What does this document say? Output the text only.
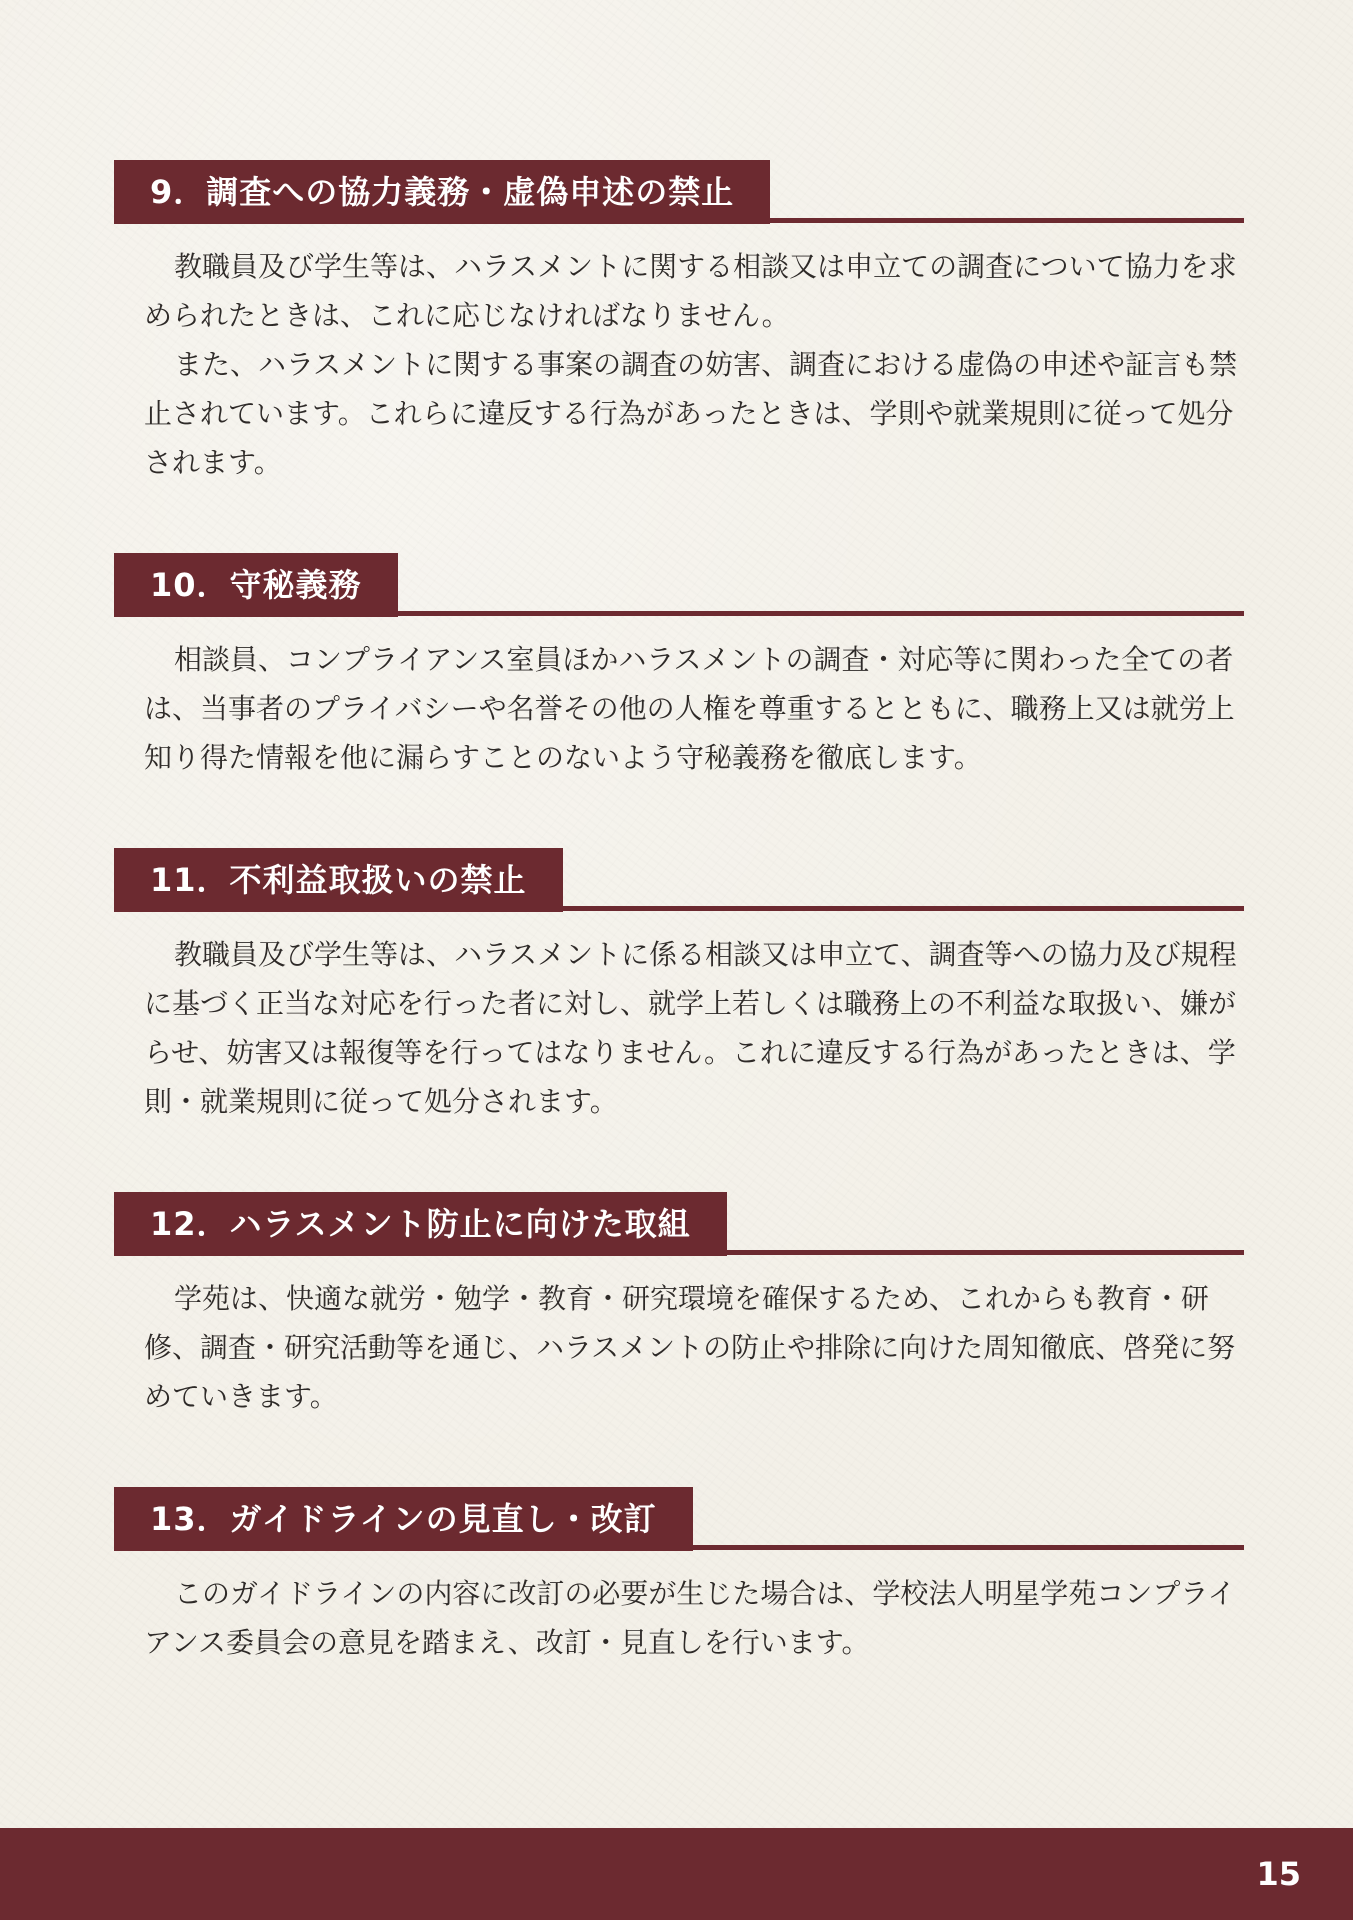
9．調査への協力義務・虚偽申述の禁止

教職員及び学生等は、ハラスメントに関する相談又は申立ての調査について協力を求められたときは、これに応じなければなりません。

また、ハラスメントに関する事案の調査の妨害、調査における虚偽の申述や証言も禁止されています。これらに違反する行為があったときは、学則や就業規則に従って処分されます。

10．守秘義務

相談員、コンプライアンス室員ほかハラスメントの調査・対応等に関わった全ての者は、当事者のプライバシーや名誉その他の人権を尊重するとともに、職務上又は就労上知り得た情報を他に漏らすことのないよう守秘義務を徹底します。

11．不利益取扱いの禁止

教職員及び学生等は、ハラスメントに係る相談又は申立て、調査等への協力及び規程に基づく正当な対応を行った者に対し、就学上若しくは職務上の不利益な取扱い、嫌がらせ、妨害又は報復等を行ってはなりません。これに違反する行為があったときは、学則・就業規則に従って処分されます。

12．ハラスメント防止に向けた取組

学苑は、快適な就労・勉学・教育・研究環境を確保するため、これからも教育・研修、調査・研究活動等を通じ、ハラスメントの防止や排除に向けた周知徹底、啓発に努めていきます。

13．ガイドラインの見直し・改訂

このガイドラインの内容に改訂の必要が生じた場合は、学校法人明星学苑コンプライアンス委員会の意見を踏まえ、改訂・見直しを行います。

15
